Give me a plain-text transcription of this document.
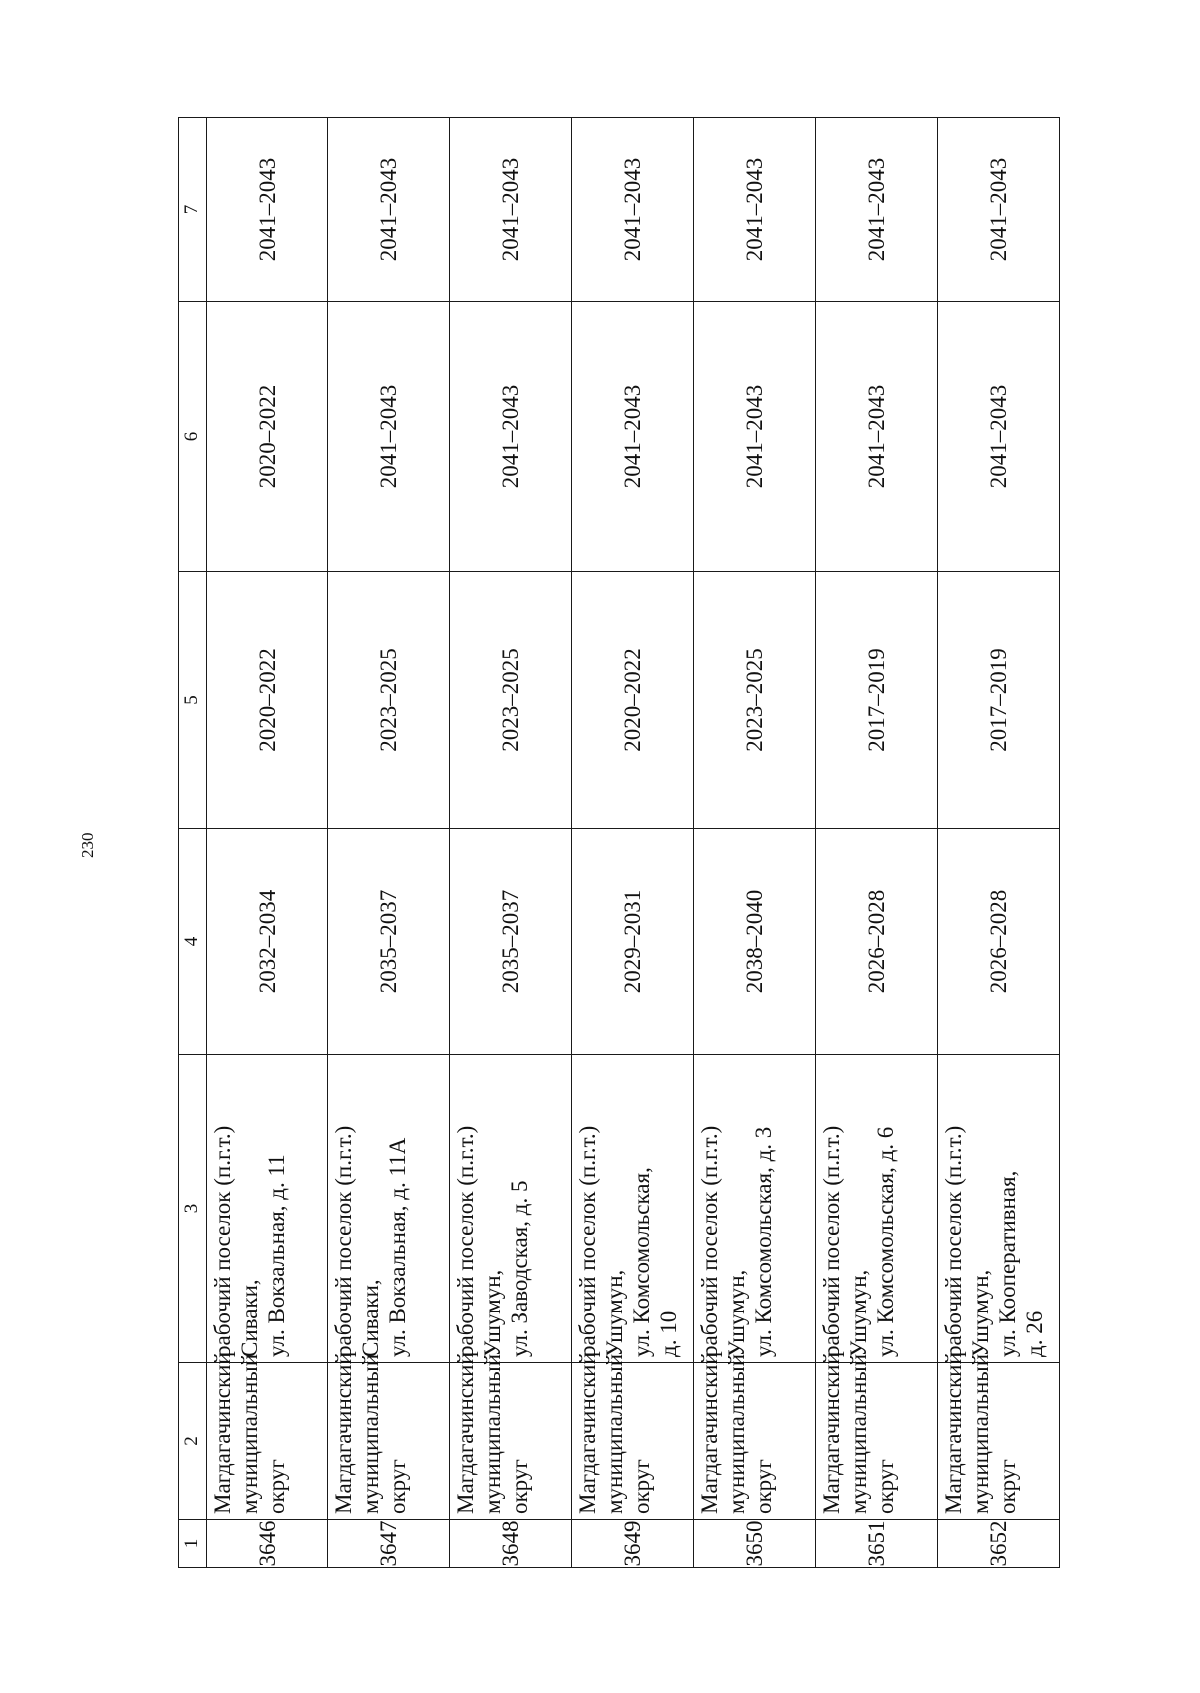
230
1	2	3	4	5	6	7
3646	Магдагачинский муниципальный округ	рабочий поселок (п.г.т.) Сиваки, ул. Вокзальная, д. 11	2032–2034	2020–2022	2020–2022	2041–2043
3647	Магдагачинский муниципальный округ	рабочий поселок (п.г.т.) Сиваки, ул. Вокзальная, д. 11А	2035–2037	2023–2025	2041–2043	2041–2043
3648	Магдагачинский муниципальный округ	рабочий поселок (п.г.т.) Ушумун, ул. Заводская, д. 5	2035–2037	2023–2025	2041–2043	2041–2043
3649	Магдагачинский муниципальный округ	рабочий поселок (п.г.т.) Ушумун, ул. Комсомольская, д. 10	2029–2031	2020–2022	2041–2043	2041–2043
3650	Магдагачинский муниципальный округ	рабочий поселок (п.г.т.) Ушумун, ул. Комсомольская, д. 3	2038–2040	2023–2025	2041–2043	2041–2043
3651	Магдагачинский муниципальный округ	рабочий поселок (п.г.т.) Ушумун, ул. Комсомольская, д. 6	2026–2028	2017–2019	2041–2043	2041–2043
3652	Магдагачинский муниципальный округ	рабочий поселок (п.г.т.) Ушумун, ул. Кооперативная, д. 26	2026–2028	2017–2019	2041–2043	2041–2043
